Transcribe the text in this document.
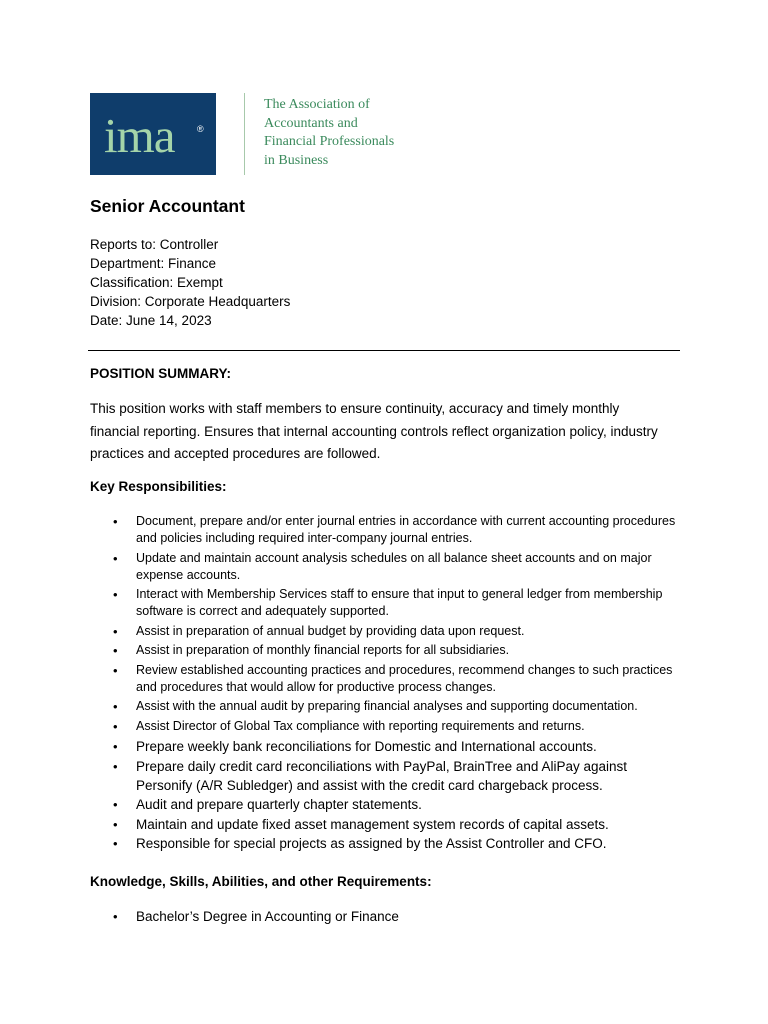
ima	®
The Association of
Accountants and
Financial Professionals
in Business
Senior Accountant
Reports to: Controller
Department: Finance
Classification: Exempt
Division: Corporate Headquarters
Date: June 14, 2023
POSITION SUMMARY:
This position works with staff members to ensure continuity, accuracy and timely monthly financial reporting. Ensures that internal accounting controls reflect organization policy, industry practices and accepted procedures are followed.
Key Responsibilities:
• Document, prepare and/or enter journal entries in accordance with current accounting procedures and policies including required inter-company journal entries.
• Update and maintain account analysis schedules on all balance sheet accounts and on major expense accounts.
• Interact with Membership Services staff to ensure that input to general ledger from membership software is correct and adequately supported.
• Assist in preparation of annual budget by providing data upon request.
• Assist in preparation of monthly financial reports for all subsidiaries.
• Review established accounting practices and procedures, recommend changes to such practices and procedures that would allow for productive process changes.
• Assist with the annual audit by preparing financial analyses and supporting documentation.
• Assist Director of Global Tax compliance with reporting requirements and returns.
• Prepare weekly bank reconciliations for Domestic and International accounts.
• Prepare daily credit card reconciliations with PayPal, BrainTree and AliPay against Personify (A/R Subledger) and assist with the credit card chargeback process.
• Audit and prepare quarterly chapter statements.
• Maintain and update fixed asset management system records of capital assets.
• Responsible for special projects as assigned by the Assist Controller and CFO.
Knowledge, Skills, Abilities, and other Requirements:
• Bachelor’s Degree in Accounting or Finance
